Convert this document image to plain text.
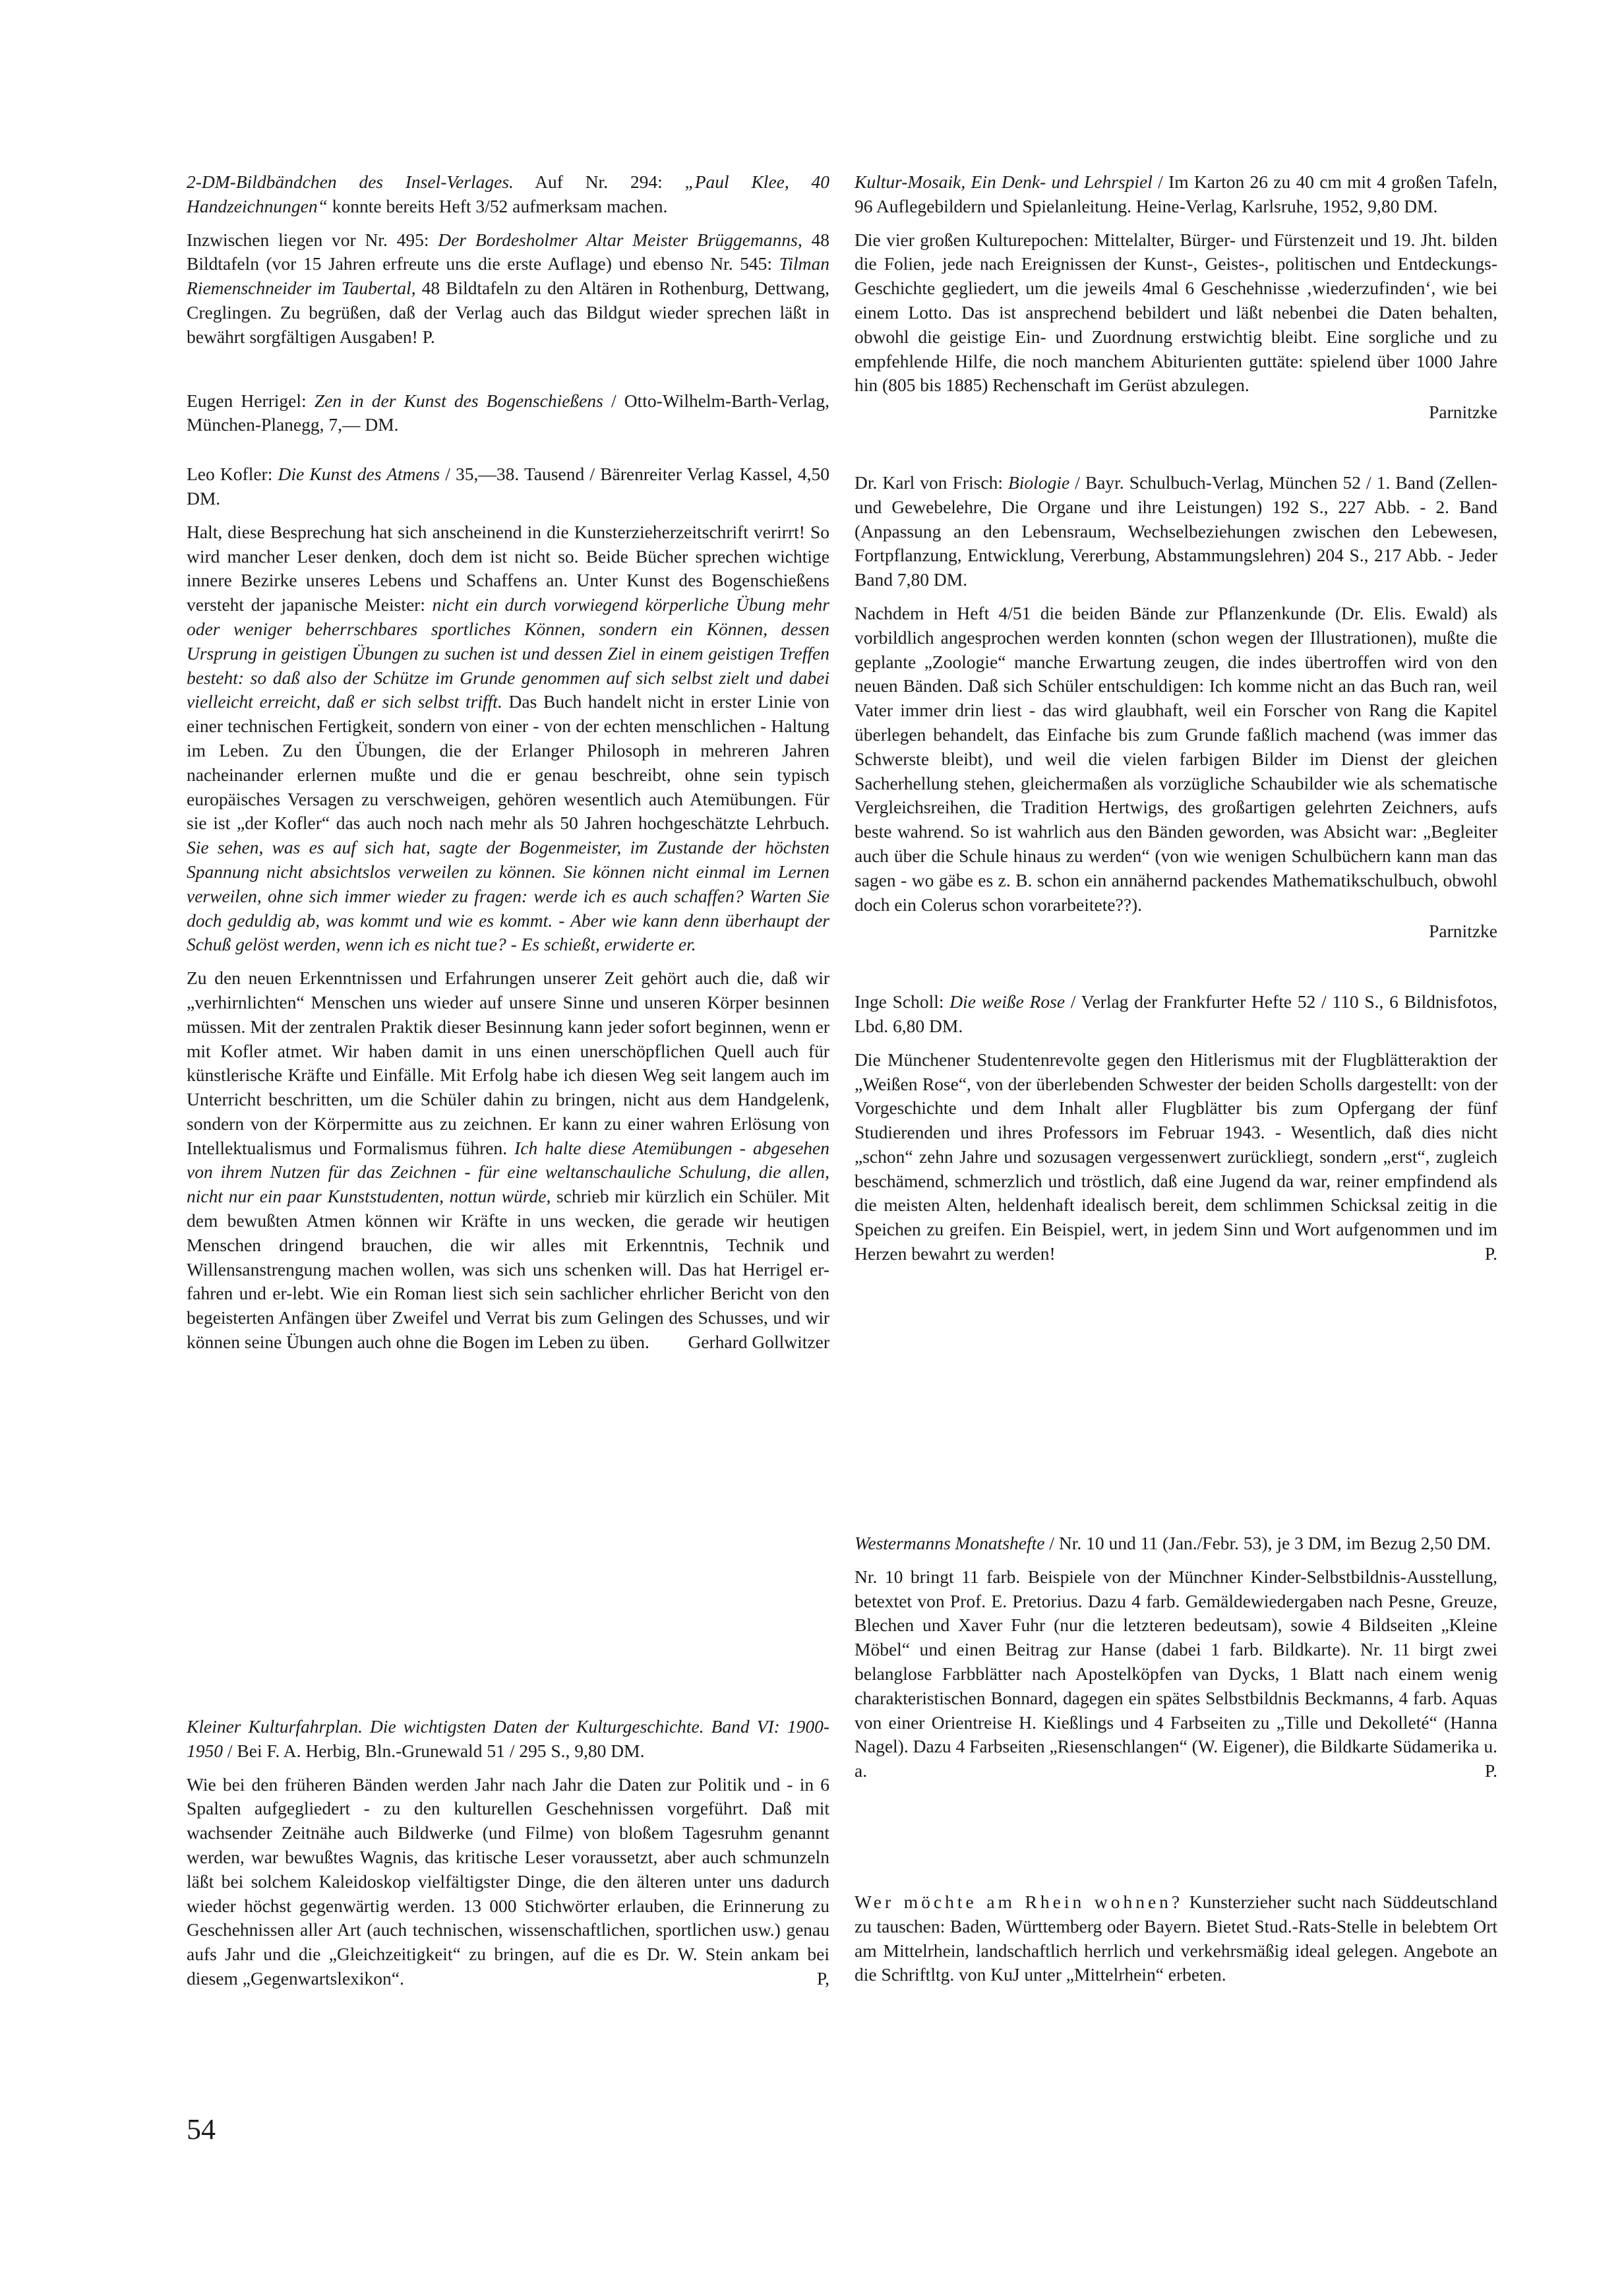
2-DM-Bildbändchen des Insel-Verlages. Auf Nr. 294: „Paul Klee, 40 Handzeichnungen“ konnte bereits Heft 3/52 aufmerksam machen.

Inzwischen liegen vor Nr. 495: Der Bordesholmer Altar Meister Brüggemanns, 48 Bildtafeln (vor 15 Jahren erfreute uns die erste Auflage) und ebenso Nr. 545: Tilman Riemenschneider im Taubertal, 48 Bildtafeln zu den Altären in Rothenburg, Dettwang, Creglingen. Zu begrüßen, daß der Verlag auch das Bildgut wieder sprechen läßt in bewährt sorgfältigen Ausgaben! P.

Eugen Herrigel: Zen in der Kunst des Bogenschießens / Otto-Wilhelm-Barth-Verlag, München-Planegg, 7,— DM.

Leo Kofler: Die Kunst des Atmens / 35,—38. Tausend / Bärenreiter Verlag Kassel, 4,50 DM.

Halt, diese Besprechung hat sich anscheinend in die Kunsterzieherzeitschrift verirrt! So wird mancher Leser denken, doch dem ist nicht so. Beide Bücher sprechen wichtige innere Bezirke unseres Lebens und Schaffens an. Unter Kunst des Bogenschießens versteht der japanische Meister: nicht ein durch vorwiegend körperliche Übung mehr oder weniger beherrschbares sportliches Können, sondern ein Können, dessen Ursprung in geistigen Übungen zu suchen ist und dessen Ziel in einem geistigen Treffen besteht: so daß also der Schütze im Grunde genommen auf sich selbst zielt und dabei vielleicht erreicht, daß er sich selbst trifft. Das Buch handelt nicht in erster Linie von einer technischen Fertigkeit, sondern von einer - von der echten menschlichen - Haltung im Leben. Zu den Übungen, die der Erlanger Philosoph in mehreren Jahren nacheinander erlernen mußte und die er genau beschreibt, ohne sein typisch europäisches Versagen zu verschweigen, gehören wesentlich auch Atemübungen. Für sie ist „der Kofler“ das auch noch nach mehr als 50 Jahren hochgeschätzte Lehrbuch. Sie sehen, was es auf sich hat, sagte der Bogenmeister, im Zustande der höchsten Spannung nicht absichtslos verweilen zu können. Sie können nicht einmal im Lernen verweilen, ohne sich immer wieder zu fragen: werde ich es auch schaffen? Warten Sie doch geduldig ab, was kommt und wie es kommt. - Aber wie kann denn überhaupt der Schuß gelöst werden, wenn ich es nicht tue? - Es schießt, erwiderte er.

Zu den neuen Erkenntnissen und Erfahrungen unserer Zeit gehört auch die, daß wir „verhirnlichten“ Menschen uns wieder auf unsere Sinne und unseren Körper besinnen müssen. Mit der zentralen Praktik dieser Besinnung kann jeder sofort beginnen, wenn er mit Kofler atmet. Wir haben damit in uns einen unerschöpflichen Quell auch für künstlerische Kräfte und Einfälle. Mit Erfolg habe ich diesen Weg seit langem auch im Unterricht beschritten, um die Schüler dahin zu bringen, nicht aus dem Handgelenk, sondern von der Körpermitte aus zu zeichnen. Er kann zu einer wahren Erlösung von Intellektualismus und Formalismus führen. Ich halte diese Atemübungen - abgesehen von ihrem Nutzen für das Zeichnen - für eine weltanschauliche Schulung, die allen, nicht nur ein paar Kunststudenten, nottun würde, schrieb mir kürzlich ein Schüler. Mit dem bewußten Atmen können wir Kräfte in uns wecken, die gerade wir heutigen Menschen dringend brauchen, die wir alles mit Erkenntnis, Technik und Willensanstrengung machen wollen, was sich uns schenken will. Das hat Herrigel er-fahren und er-lebt. Wie ein Roman liest sich sein sachlicher ehrlicher Bericht von den begeisterten Anfängen über Zweifel und Verrat bis zum Gelingen des Schusses, und wir können seine Übungen auch ohne die Bogen im Leben zu üben. Gerhard Gollwitzer

Kleiner Kulturfahrplan. Die wichtigsten Daten der Kulturgeschichte. Band VI: 1900-1950 / Bei F. A. Herbig, Bln.-Grunewald 51 / 295 S., 9,80 DM.

Wie bei den früheren Bänden werden Jahr nach Jahr die Daten zur Politik und - in 6 Spalten aufgegliedert - zu den kulturellen Geschehnissen vorgeführt. Daß mit wachsender Zeitnähe auch Bildwerke (und Filme) von bloßem Tagesruhm genannt werden, war bewußtes Wagnis, das kritische Leser voraussetzt, aber auch schmunzeln läßt bei solchem Kaleidoskop vielfältigster Dinge, die den älteren unter uns dadurch wieder höchst gegenwärtig werden. 13 000 Stichwörter erlauben, die Erinnerung zu Geschehnissen aller Art (auch technischen, wissenschaftlichen, sportlichen usw.) genau aufs Jahr und die „Gleichzeitigkeit“ zu bringen, auf die es Dr. W. Stein ankam bei diesem „Gegenwartslexikon“.	P,

Kultur-Mosaik, Ein Denk- und Lehrspiel / Im Karton 26 zu 40 cm mit 4 großen Tafeln, 96 Auflegebildern und Spielanleitung. Heine-Verlag, Karlsruhe, 1952, 9,80 DM.

Die vier großen Kulturepochen: Mittelalter, Bürger- und Fürstenzeit und 19. Jht. bilden die Folien, jede nach Ereignissen der Kunst-, Geistes-, politischen und Entdeckungs-Geschichte gegliedert, um die jeweils 4mal 6 Geschehnisse ‚wiederzufinden‘, wie bei einem Lotto. Das ist ansprechend bebildert und läßt nebenbei die Daten behalten, obwohl die geistige Ein- und Zuordnung erstwichtig bleibt. Eine sorgliche und zu empfehlende Hilfe, die noch manchem Abiturienten guttäte: spielend über 1000 Jahre hin (805 bis 1885) Rechenschaft im Gerüst abzulegen.

Parnitzke

Dr. Karl von Frisch: Biologie / Bayr. Schulbuch-Verlag, München 52 / 1. Band (Zellen- und Gewebelehre, Die Organe und ihre Leistungen) 192 S., 227 Abb. - 2. Band (Anpassung an den Lebensraum, Wechselbeziehungen zwischen den Lebewesen, Fortpflanzung, Entwicklung, Vererbung, Abstammungslehren) 204 S., 217 Abb. - Jeder Band 7,80 DM.

Nachdem in Heft 4/51 die beiden Bände zur Pflanzenkunde (Dr. Elis. Ewald) als vorbildlich angesprochen werden konnten (schon wegen der Illustrationen), mußte die geplante „Zoologie“ manche Erwartung zeugen, die indes übertroffen wird von den neuen Bänden. Daß sich Schüler entschuldigen: Ich komme nicht an das Buch ran, weil Vater immer drin liest - das wird glaubhaft, weil ein Forscher von Rang die Kapitel überlegen behandelt, das Einfache bis zum Grunde faßlich machend (was immer das Schwerste bleibt), und weil die vielen farbigen Bilder im Dienst der gleichen Sacherhellung stehen, gleichermaßen als vorzügliche Schaubilder wie als schematische Vergleichsreihen, die Tradition Hertwigs, des großartigen gelehrten Zeichners, aufs beste wahrend. So ist wahrlich aus den Bänden geworden, was Absicht war: „Begleiter auch über die Schule hinaus zu werden“ (von wie wenigen Schulbüchern kann man das sagen - wo gäbe es z. B. schon ein annähernd packendes Mathematikschulbuch, obwohl doch ein Colerus schon vorarbeitete??).

Parnitzke

Inge Scholl: Die weiße Rose / Verlag der Frankfurter Hefte 52 / 110 S., 6 Bildnisfotos, Lbd. 6,80 DM.

Die Münchener Studentenrevolte gegen den Hitlerismus mit der Flugblätteraktion der „Weißen Rose“, von der überlebenden Schwester der beiden Scholls dargestellt: von der Vorgeschichte und dem Inhalt aller Flugblätter bis zum Opfergang der fünf Studierenden und ihres Professors im Februar 1943. - Wesentlich, daß dies nicht „schon“ zehn Jahre und sozusagen vergessenwert zurückliegt, sondern „erst“, zugleich beschämend, schmerzlich und tröstlich, daß eine Jugend da war, reiner empfindend als die meisten Alten, heldenhaft idealisch bereit, dem schlimmen Schicksal zeitig in die Speichen zu greifen. Ein Beispiel, wert, in jedem Sinn und Wort aufgenommen und im Herzen bewahrt zu werden!	P.

Westermanns Monatshefte / Nr. 10 und 11 (Jan./Febr. 53), je 3 DM, im Bezug 2,50 DM.

Nr. 10 bringt 11 farb. Beispiele von der Münchner Kinder-Selbstbildnis-Ausstellung, betextet von Prof. E. Pretorius. Dazu 4 farb. Gemäldewiedergaben nach Pesne, Greuze, Blechen und Xaver Fuhr (nur die letzteren bedeutsam), sowie 4 Bildseiten „Kleine Möbel“ und einen Beitrag zur Hanse (dabei 1 farb. Bildkarte). Nr. 11 birgt zwei belanglose Farbblätter nach Apostelköpfen van Dycks, 1 Blatt nach einem wenig charakteristischen Bonnard, dagegen ein spätes Selbstbildnis Beckmanns, 4 farb. Aquas von einer Orientreise H. Kießlings und 4 Farbseiten zu „Tille und Dekolleté“ (Hanna Nagel). Dazu 4 Farbseiten „Riesenschlangen“ (W. Eigener), die Bildkarte Südamerika u. a.	P.

Wer möchte am Rhein wohnen? Kunsterzieher sucht nach Süddeutschland zu tauschen: Baden, Württemberg oder Bayern. Bietet Stud.-Rats-Stelle in belebtem Ort am Mittelrhein, landschaftlich herrlich und verkehrsmäßig ideal gelegen. Angebote an die Schriftltg. von KuJ unter „Mittelrhein“ erbeten.

54
